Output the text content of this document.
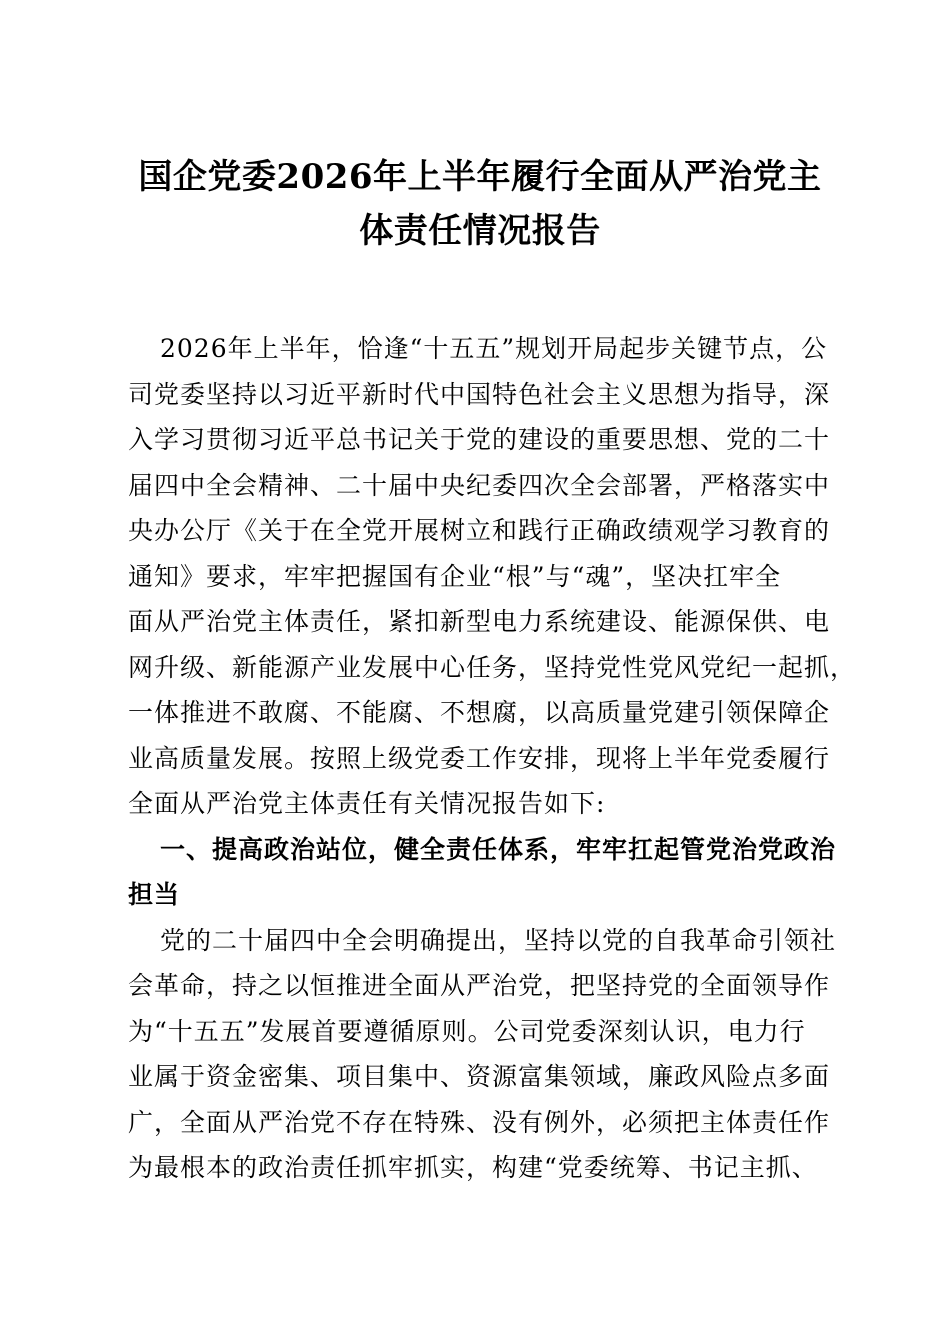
国企党委2026年上半年履行全面从严治党主
体责任情况报告
2026年上半年，恰逢“十五五”规划开局起步关键节点，公
司党委坚持以习近平新时代中国特色社会主义思想为指导，深
入学习贯彻习近平总书记关于党的建设的重要思想、党的二十
届四中全会精神、二十届中央纪委四次全会部署，严格落实中
央办公厅《关于在全党开展树立和践行正确政绩观学习教育的
通知》要求，牢牢把握国有企业“根”与“魂”，坚决扛牢全
面从严治党主体责任，紧扣新型电力系统建设、能源保供、电
网升级、新能源产业发展中心任务，坚持党性党风党纪一起抓，
一体推进不敢腐、不能腐、不想腐，以高质量党建引领保障企
业高质量发展。按照上级党委工作安排，现将上半年党委履行
全面从严治党主体责任有关情况报告如下:
一、提高政治站位，健全责任体系，牢牢扛起管党治党政治
担当
党的二十届四中全会明确提出，坚持以党的自我革命引领社
会革命，持之以恒推进全面从严治党，把坚持党的全面领导作
为“十五五”发展首要遵循原则。公司党委深刻认识，电力行
业属于资金密集、项目集中、资源富集领域，廉政风险点多面
广，全面从严治党不存在特殊、没有例外，必须把主体责任作
为最根本的政治责任抓牢抓实，构建“党委统筹、书记主抓、
